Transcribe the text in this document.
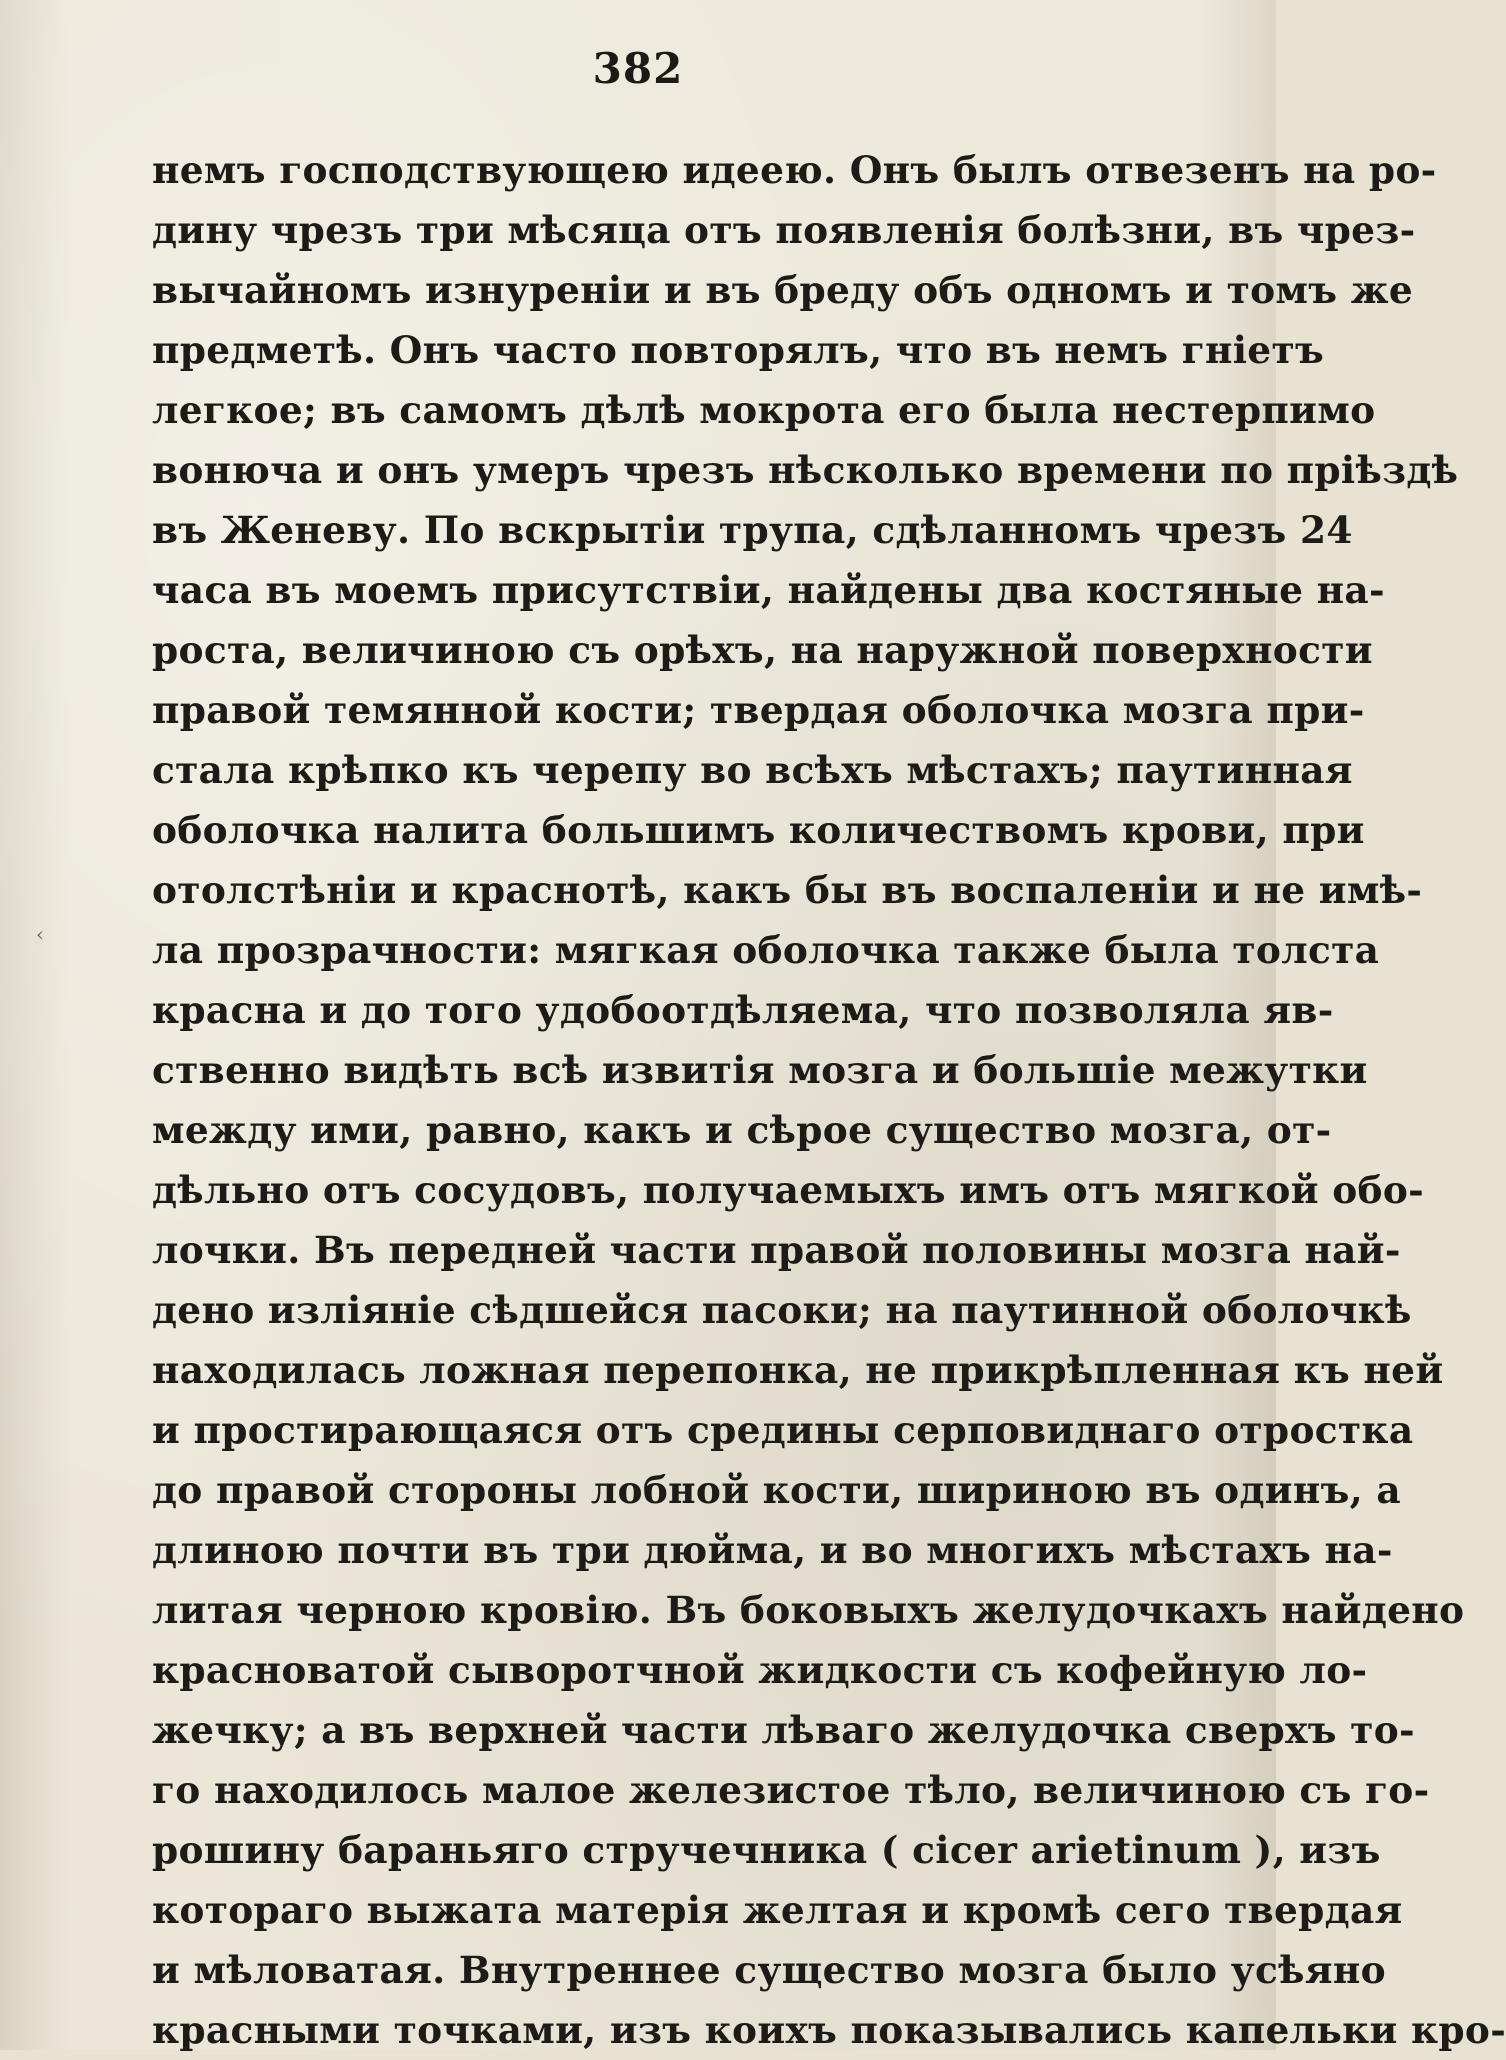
382
‹
немъ господствующею идеею. Онъ былъ отвезенъ на ро-
дину чрезъ три мѣсяца отъ появленія болѣзни, въ чрез-
вычайномъ изнуреніи и въ бреду объ одномъ и томъ же
предметѣ. Онъ часто повторялъ, что въ немъ гніетъ
легкое; въ самомъ дѣлѣ мокрота его была нестерпимо
вонюча и онъ умеръ чрезъ нѣсколько времени по пріѣздѣ
въ Женеву. По вскрытіи трупа, сдѣланномъ чрезъ 24
часа въ моемъ присутствіи, найдены два костяные на-
роста, величиною съ орѣхъ, на наружной поверхности
правой темянной кости; твердая оболочка мозга при-
стала крѣпко къ черепу во всѣхъ мѣстахъ; паутинная
оболочка налита большимъ количествомъ крови, при
отолстѣніи и краснотѣ, какъ бы въ воспаленіи и не имѣ-
ла прозрачности: мягкая оболочка также была толста
красна и до того удобоотдѣляема, что позволяла яв-
ственно видѣть всѣ извитія мозга и большіе межутки
между ими, равно, какъ и сѣрое существо мозга, от-
дѣльно отъ сосудовъ, получаемыхъ имъ отъ мягкой обо-
лочки. Въ передней части правой половины мозга най-
дено изліяніе сѣдшейся пасоки; на паутинной оболочкѣ
находилась ложная перепонка, не прикрѣпленная къ ней
и простирающаяся отъ средины серповиднаго отростка
до правой стороны лобной кости, шириною въ одинъ, а
длиною почти въ три дюйма, и во многихъ мѣстахъ на-
литая черною кровію. Въ боковыхъ желудочкахъ найдено
красноватой сыворотчной жидкости съ кофейную ло-
жечку; а въ верхней части лѣваго желудочка сверхъ то-
го находилось малое железистое тѣло, величиною съ го-
рошину бараньяго стручечника ( cicer arietinum ), изъ
котораго выжата матерія желтая и кромѣ сего твердая
и мѣловатая. Внутреннее существо мозга было усѣяно
красными точками, изъ коихъ показывались капельки кро-
